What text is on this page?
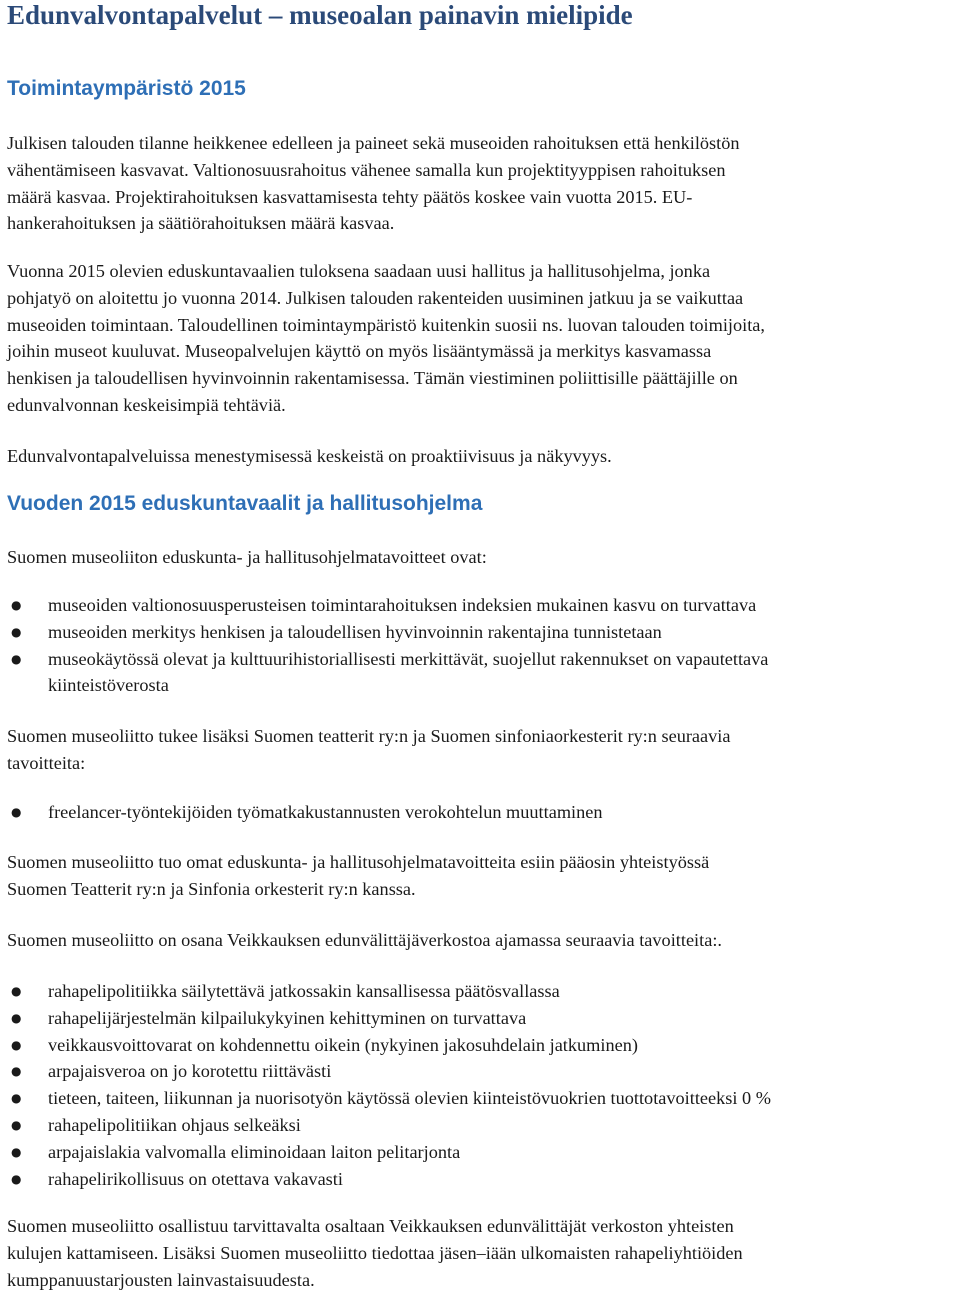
Edunvalvontapalvelut – museoalan painavin mielipide
Toimintaympäristö 2015

Julkisen talouden tilanne heikkenee edelleen ja paineet sekä museoiden rahoituksen että henkilöstön
vähentämiseen kasvavat. Valtionosuusrahoitus vähenee samalla kun projektityyppisen rahoituksen
määrä kasvaa. Projektirahoituksen kasvattamisesta tehty päätös koskee vain vuotta 2015. EU-
hankerahoituksen ja säätiörahoituksen määrä kasvaa.

Vuonna 2015 olevien eduskuntavaalien tuloksena saadaan uusi hallitus ja hallitusohjelma, jonka
pohjatyö on aloitettu jo vuonna 2014. Julkisen talouden rakenteiden uusiminen jatkuu ja se vaikuttaa
museoiden toimintaan. Taloudellinen toimintaympäristö kuitenkin suosii ns. luovan talouden toimijoita,
joihin museot kuuluvat. Museopalvelujen käyttö on myös lisääntymässä ja merkitys kasvamassa
henkisen ja taloudellisen hyvinvoinnin rakentamisessa. Tämän viestiminen poliittisille päättäjille on
edunvalvonnan keskeisimpiä tehtäviä.

Edunvalvontapalveluissa menestymisessä keskeistä on proaktiivisuus ja näkyvyys.

Vuoden 2015 eduskuntavaalit ja hallitusohjelma

Suomen museoliiton eduskunta- ja hallitusohjelmatavoitteet ovat:

● museoiden valtionosuusperusteisen toimintarahoituksen indeksien mukainen kasvu on turvattava
● museoiden merkitys henkisen ja taloudellisen hyvinvoinnin rakentajina tunnistetaan
● museokäytössä olevat ja kulttuurihistoriallisesti merkittävät, suojellut rakennukset on vapautettava
kiinteistöverosta

Suomen museoliitto tukee lisäksi Suomen teatterit ry:n ja Suomen sinfoniaorkesterit ry:n seuraavia
tavoitteita:

● freelancer-työntekijöiden työmatkakustannusten verokohtelun muuttaminen

Suomen museoliitto tuo omat eduskunta- ja hallitusohjelmatavoitteita esiin pääosin yhteistyössä
Suomen Teatterit ry:n ja Sinfonia orkesterit ry:n kanssa.

Suomen museoliitto on osana Veikkauksen edunvälittäjäverkostoa ajamassa seuraavia tavoitteita:.

● rahapelipolitiikka säilytettävä jatkossakin kansallisessa päätösvallassa
● rahapelijärjestelmän kilpailukykyinen kehittyminen on turvattava
● veikkausvoittovarat on kohdennettu oikein (nykyinen jakosuhdelain jatkuminen)
● arpajaisveroa on jo korotettu riittävästi
● tieteen, taiteen, liikunnan ja nuorisotyön käytössä olevien kiinteistövuokrien tuottotavoitteeksi 0 %
● rahapelipolitiikan ohjaus selkeäksi
● arpajaislakia valvomalla eliminoidaan laiton pelitarjonta
● rahapelirikollisuus on otettava vakavasti

Suomen museoliitto osallistuu tarvittavalta osaltaan Veikkauksen edunvälittäjät verkoston yhteisten
kulujen kattamiseen. Lisäksi Suomen museoliitto tiedottaa jäsen–iään ulkomaisten rahapeliyhtiöiden
kumppanuustarjousten lainvastaisuudesta.
